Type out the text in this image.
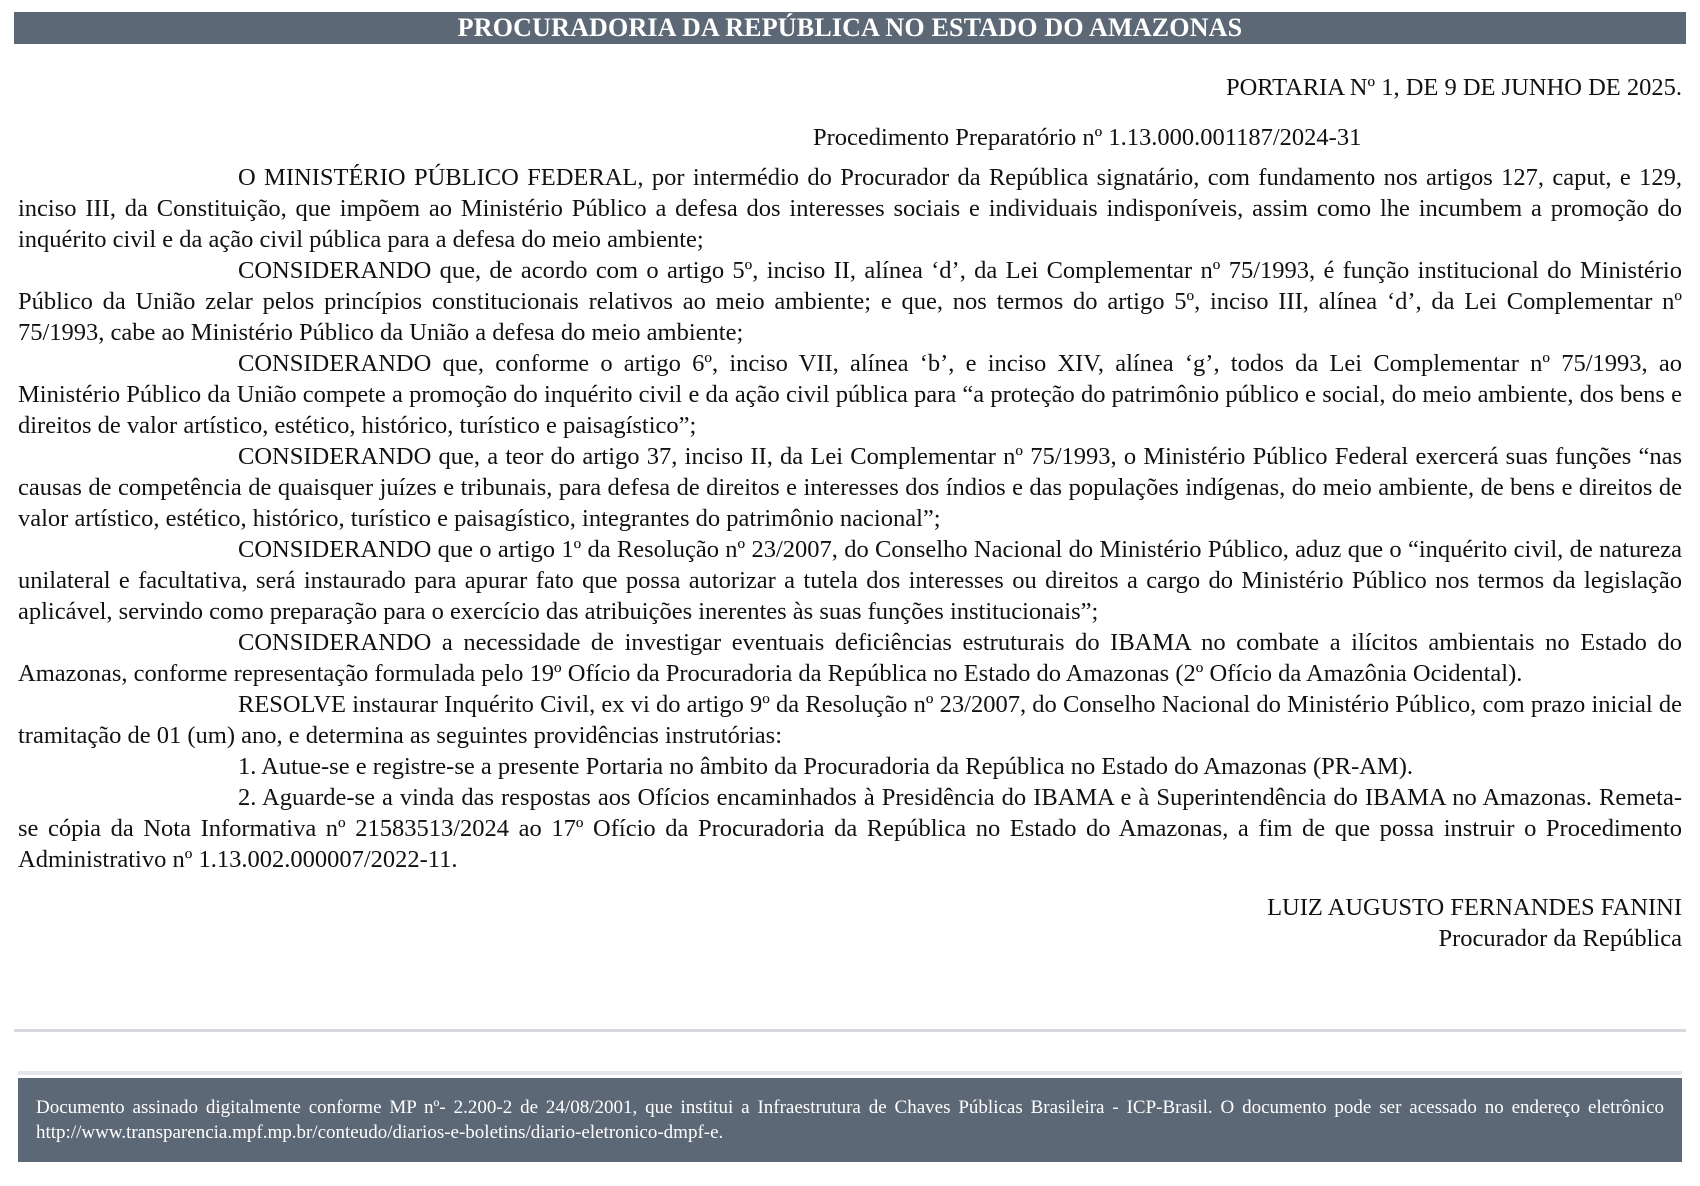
PROCURADORIA DA REPÚBLICA NO ESTADO DO AMAZONAS

PORTARIA Nº 1, DE 9 DE JUNHO DE 2025.

Procedimento Preparatório nº 1.13.000.001187/2024-31

O MINISTÉRIO PÚBLICO FEDERAL, por intermédio do Procurador da República signatário, com fundamento nos artigos 127, caput, e 129, inciso III, da Constituição, que impõem ao Ministério Público a defesa dos interesses sociais e individuais indisponíveis, assim como lhe incumbem a promoção do inquérito civil e da ação civil pública para a defesa do meio ambiente;

CONSIDERANDO que, de acordo com o artigo 5º, inciso II, alínea ‘d’, da Lei Complementar nº 75/1993, é função institucional do Ministério Público da União zelar pelos princípios constitucionais relativos ao meio ambiente; e que, nos termos do artigo 5º, inciso III, alínea ‘d’, da Lei Complementar nº 75/1993, cabe ao Ministério Público da União a defesa do meio ambiente;

CONSIDERANDO que, conforme o artigo 6º, inciso VII, alínea ‘b’, e inciso XIV, alínea ‘g’, todos da Lei Complementar nº 75/1993, ao Ministério Público da União compete a promoção do inquérito civil e da ação civil pública para “a proteção do patrimônio público e social, do meio ambiente, dos bens e direitos de valor artístico, estético, histórico, turístico e paisagístico”;

CONSIDERANDO que, a teor do artigo 37, inciso II, da Lei Complementar nº 75/1993, o Ministério Público Federal exercerá suas funções “nas causas de competência de quaisquer juízes e tribunais, para defesa de direitos e interesses dos índios e das populações indígenas, do meio ambiente, de bens e direitos de valor artístico, estético, histórico, turístico e paisagístico, integrantes do patrimônio nacional”;

CONSIDERANDO que o artigo 1º da Resolução nº 23/2007, do Conselho Nacional do Ministério Público, aduz que o “inquérito civil, de natureza unilateral e facultativa, será instaurado para apurar fato que possa autorizar a tutela dos interesses ou direitos a cargo do Ministério Público nos termos da legislação aplicável, servindo como preparação para o exercício das atribuições inerentes às suas funções institucionais”;

CONSIDERANDO a necessidade de investigar eventuais deficiências estruturais do IBAMA no combate a ilícitos ambientais no Estado do Amazonas, conforme representação formulada pelo 19º Ofício da Procuradoria da República no Estado do Amazonas (2º Ofício da Amazônia Ocidental).

RESOLVE instaurar Inquérito Civil, ex vi do artigo 9º da Resolução nº 23/2007, do Conselho Nacional do Ministério Público, com prazo inicial de tramitação de 01 (um) ano, e determina as seguintes providências instrutórias:

1. Autue-se e registre-se a presente Portaria no âmbito da Procuradoria da República no Estado do Amazonas (PR-AM).

2. Aguarde-se a vinda das respostas aos Ofícios encaminhados à Presidência do IBAMA e à Superintendência do IBAMA no Amazonas. Remeta-se cópia da Nota Informativa nº 21583513/2024 ao 17º Ofício da Procuradoria da República no Estado do Amazonas, a fim de que possa instruir o Procedimento Administrativo nº 1.13.002.000007/2022-11.

LUIZ AUGUSTO FERNANDES FANINI
Procurador da República
Documento assinado digitalmente conforme MP nº- 2.200-2 de 24/08/2001, que institui a Infraestrutura de Chaves Públicas Brasileira - ICP-Brasil. O documento pode ser acessado no endereço eletrônico http://www.transparencia.mpf.mp.br/conteudo/diarios-e-boletins/diario-eletronico-dmpf-e.
